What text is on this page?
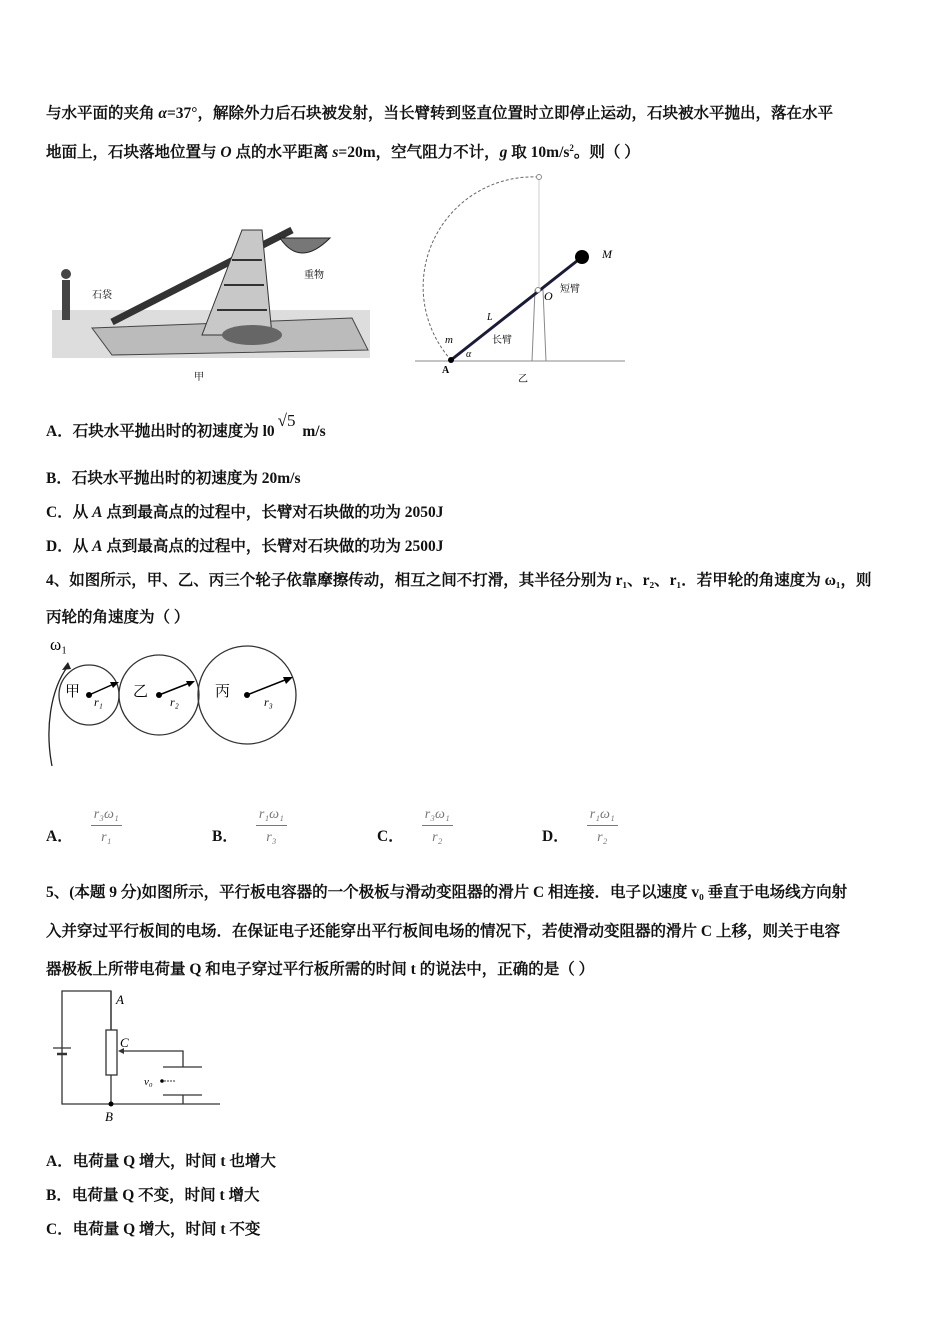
与水平面的夹角 α=37°，解除外力后石块被发射，当长臂转到竖直位置时立即停止运动，石块被水平抛出，落在水平
地面上，石块落地位置与 O 点的水平距离 s=20m，空气阻力不计，g 取 $10m/s^2$。则（ ）
石袋
重物
甲
M
O 短臂
L
长臂
m
α
A
乙
A．石块水平抛出时的初速度为 l0√5 m/s
B．石块水平抛出时的初速度为 20m/s
C．从 A 点到最高点的过程中，长臂对石块做的功为 2050J
D．从 A 点到最高点的过程中，长臂对石块做的功为 2500J
4、如图所示，甲、乙、丙三个轮子依靠摩擦传动，相互之间不打滑，其半径分别为 r₁、r₂、r₁．若甲轮的角速度为 ω₁，则
丙轮的角速度为（ ）
ω₁
甲	乙	丙
r₁	r₂	r₃
A． $\frac{\text{r₃ω₁}}{\text{r₁}}$	B． $\frac{\text{r₁ω₁}}{\text{r₃}}$	C． $\frac{\text{r₃ω₁}}{\text{r₂}}$	D． $\frac{\text{r₁ω₁}}{\text{r₂}}$
5、(本题 9 分)如图所示，平行板电容器的一个极板与滑动变阻器的滑片 C 相连接．电子以速度 v₀ 垂直于电场线方向射
入并穿过平行板间的电场．在保证电子还能穿出平行板间电场的情况下，若使滑动变阻器的滑片 C 上移，则关于电容
器极板上所带电荷量 Q 和电子穿过平行板所需的时间 t 的说法中，正确的是（ ）
A
C
B
v₀
A．电荷量 Q 增大，时间 t 也增大
B．电荷量 Q 不变，时间 t 增大
C．电荷量 Q 增大，时间 t 不变
